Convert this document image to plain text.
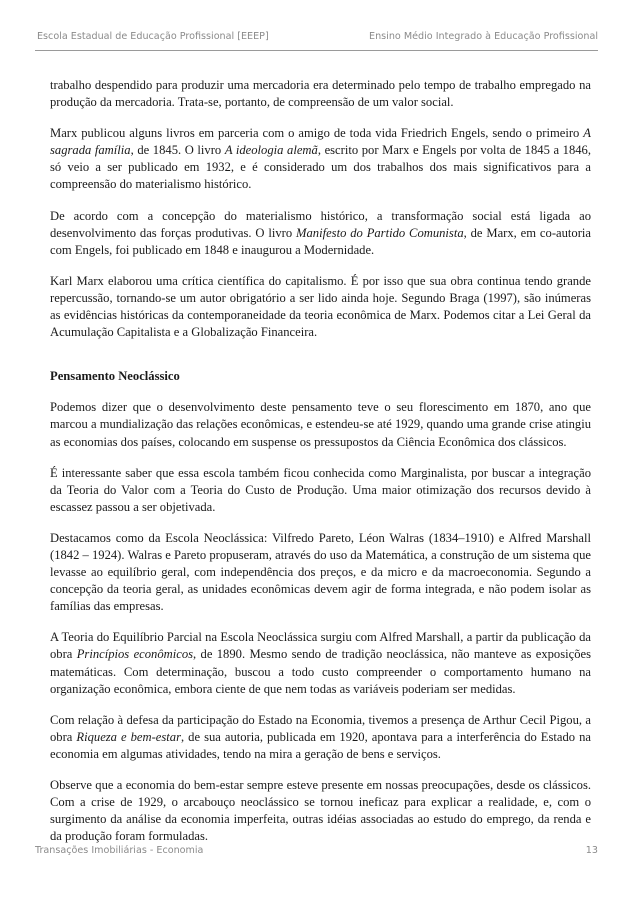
Escola Estadual de Educação Profissional [EEEP]	Ensino Médio Integrado à Educação Profissional

trabalho despendido para produzir uma mercadoria era determinado pelo tempo de trabalho empregado na produção da mercadoria. Trata-se, portanto, de compreensão de um valor social.

Marx publicou alguns livros em parceria com o amigo de toda vida Friedrich Engels, sendo o primeiro A sagrada família, de 1845. O livro A ideologia alemã, escrito por Marx e Engels por volta de 1845 a 1846, só veio a ser publicado em 1932, e é considerado um dos trabalhos dos mais significativos para a compreensão do materialismo histórico.

De acordo com a concepção do materialismo histórico, a transformação social está ligada ao desenvolvimento das forças produtivas. O livro Manifesto do Partido Comunista, de Marx, em co-autoria com Engels, foi publicado em 1848 e inaugurou a Modernidade.

Karl Marx elaborou uma crítica científica do capitalismo. É por isso que sua obra continua tendo grande repercussão, tornando-se um autor obrigatório a ser lido ainda hoje. Segundo Braga (1997), são inúmeras as evidências históricas da contemporaneidade da teoria econômica de Marx. Podemos citar a Lei Geral da Acumulação Capitalista e a Globalização Financeira.

Pensamento Neoclássico

Podemos dizer que o desenvolvimento deste pensamento teve o seu florescimento em 1870, ano que marcou a mundialização das relações econômicas, e estendeu-se até 1929, quando uma grande crise atingiu as economias dos países, colocando em suspense os pressupostos da Ciência Econômica dos clássicos.

É interessante saber que essa escola também ficou conhecida como Marginalista, por buscar a integração da Teoria do Valor com a Teoria do Custo de Produção. Uma maior otimização dos recursos devido à escassez passou a ser objetivada.

Destacamos como da Escola Neoclássica: Vilfredo Pareto, Léon Walras (1834–1910) e Alfred Marshall (1842 – 1924). Walras e Pareto propuseram, através do uso da Matemática, a construção de um sistema que levasse ao equilíbrio geral, com independência dos preços, e da micro e da macroeconomia. Segundo a concepção da teoria geral, as unidades econômicas devem agir de forma integrada, e não podem isolar as famílias das empresas.

A Teoria do Equilíbrio Parcial na Escola Neoclássica surgiu com Alfred Marshall, a partir da publicação da obra Princípios econômicos, de 1890. Mesmo sendo de tradição neoclássica, não manteve as exposições matemáticas. Com determinação, buscou a todo custo compreender o comportamento humano na organização econômica, embora ciente de que nem todas as variáveis poderiam ser medidas.

Com relação à defesa da participação do Estado na Economia, tivemos a presença de Arthur Cecil Pigou, a obra Riqueza e bem-estar, de sua autoria, publicada em 1920, apontava para a interferência do Estado na economia em algumas atividades, tendo na mira a geração de bens e serviços.

Observe que a economia do bem-estar sempre esteve presente em nossas preocupações, desde os clássicos. Com a crise de 1929, o arcabouço neoclássico se tornou ineficaz para explicar a realidade, e, com o surgimento da análise da economia imperfeita, outras idéias associadas ao estudo do emprego, da renda e da produção foram formuladas.

Transações Imobiliárias - Economia	13
